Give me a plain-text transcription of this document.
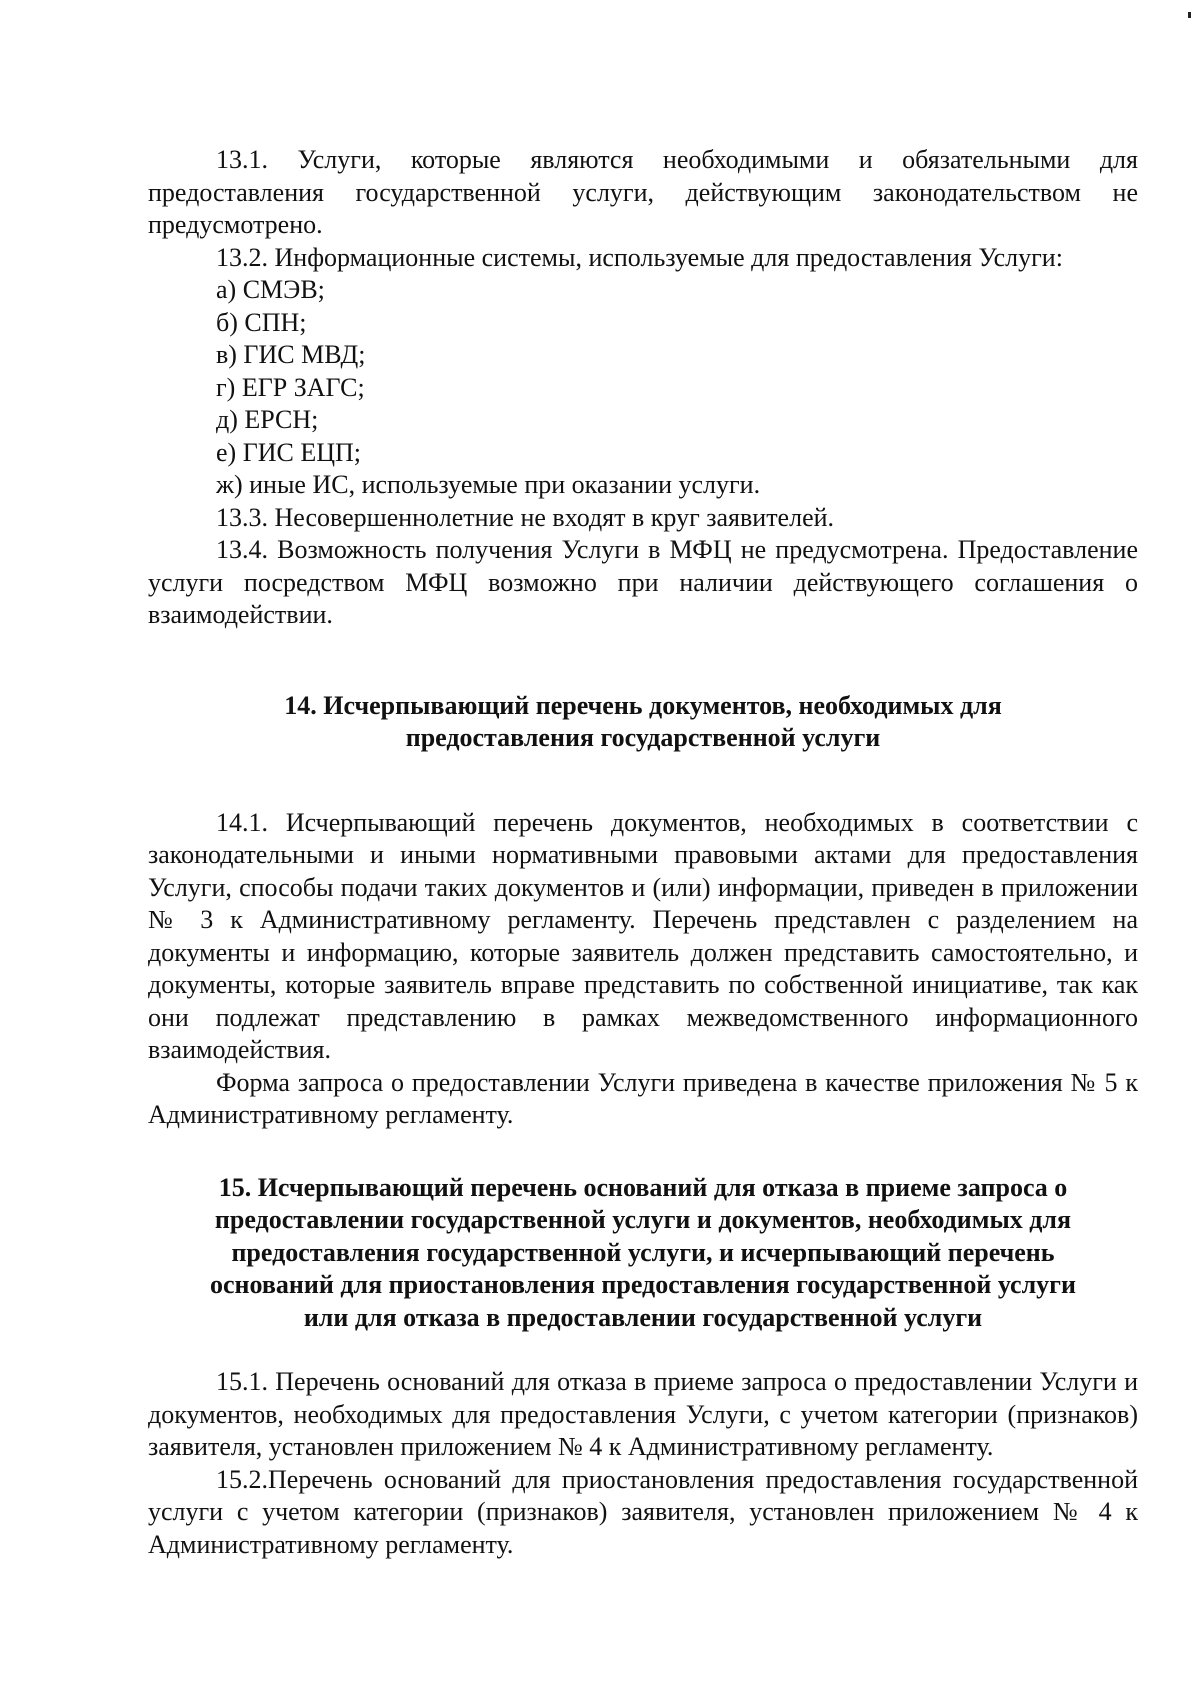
13.1. Услуги, которые являются необходимыми и обязательными для предоставления государственной услуги, действующим законодательством не предусмотрено.

13.2. Информационные системы, используемые для предоставления Услуги:

а) СМЭВ;

б) СПН;

в) ГИС МВД;

г) ЕГР ЗАГС;

д) ЕРСН;

е) ГИС ЕЦП;

ж) иные ИС, используемые при оказании услуги.

13.3. Несовершеннолетние не входят в круг заявителей.

13.4. Возможность получения Услуги в МФЦ не предусмотрена. Предоставление услуги посредством МФЦ возможно при наличии действующего соглашения о взаимодействии.

14. Исчерпывающий перечень документов, необходимых для

предоставления государственной услуги

14.1. Исчерпывающий перечень документов, необходимых в соответствии с законодательными и иными нормативными правовыми актами для предоставления Услуги, способы подачи таких документов и (или) информации, приведен в приложении № 3 к Административному регламенту. Перечень представлен с разделением на документы и информацию, которые заявитель должен представить самостоятельно, и документы, которые заявитель вправе представить по собственной инициативе, так как они подлежат представлению в рамках межведомственного информационного взаимодействия.

Форма запроса о предоставлении Услуги приведена в качестве приложения № 5 к Административному регламенту.

15. Исчерпывающий перечень оснований для отказа в приеме запроса о

предоставлении государственной услуги и документов, необходимых для

предоставления государственной услуги, и исчерпывающий перечень

оснований для приостановления предоставления государственной услуги

или для отказа в предоставлении государственной услуги

15.1. Перечень оснований для отказа в приеме запроса о предоставлении Услуги и документов, необходимых для предоставления Услуги, с учетом категории (признаков) заявителя, установлен приложением № 4 к Административному регламенту.

15.2.Перечень оснований для приостановления предоставления государственной услуги с учетом категории (признаков) заявителя, установлен приложением № 4 к Административному регламенту.
